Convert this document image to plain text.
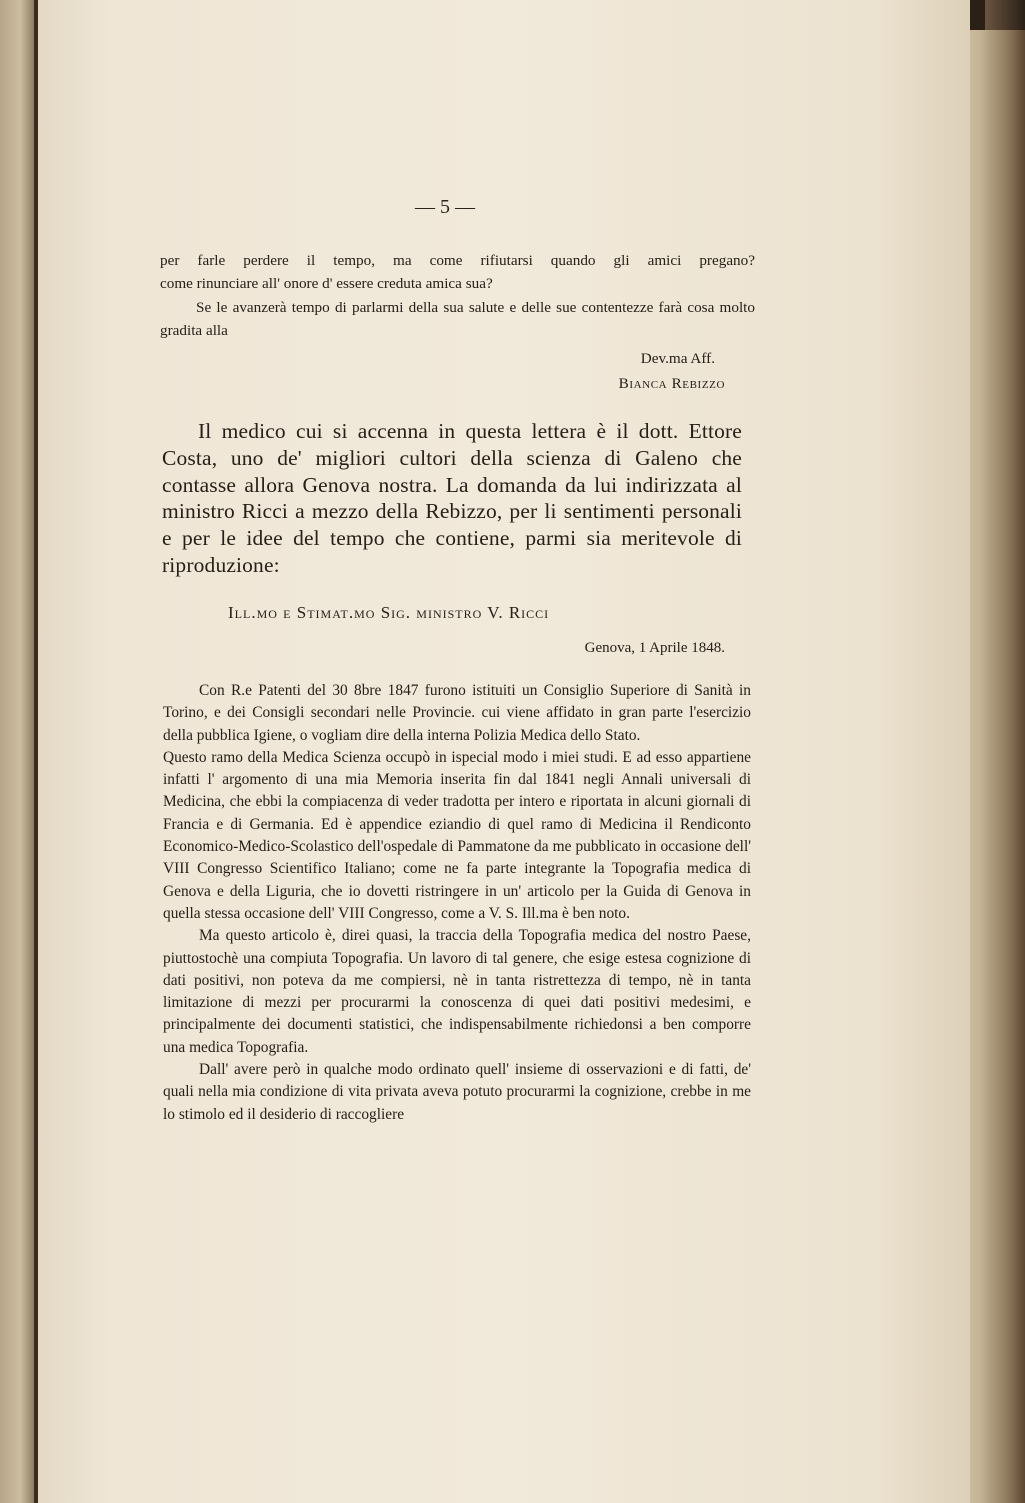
— 5 —

per farle perdere il tempo, ma come rifiutarsi quando gli amici pregano?

come rinunciare all' onore d' essere creduta amica sua?

Se le avanzerà tempo di parlarmi della sua salute e delle sue contentezze farà cosa molto gradita alla

Dev.ma Aff.

Bianca Rebizzo

Il medico cui si accenna in questa lettera è il dott. Ettore Costa, uno de' migliori cultori della scienza di Galeno che contasse allora Genova nostra. La domanda da lui indirizzata al ministro Ricci a mezzo della Rebizzo, per li sentimenti personali e per le idee del tempo che contiene, parmi sia meritevole di riproduzione:

Ill.mo e Stimat.mo Sig. ministro V. Ricci
Genova, 1 Aprile 1848.

Con R.e Patenti del 30 8bre 1847 furono istituiti un Consiglio Superiore di Sanità in Torino, e dei Consigli secondari nelle Provincie. cui viene affidato in gran parte l'esercizio della pubblica Igiene, o vogliam dire della interna Polizia Medica dello Stato.

Questo ramo della Medica Scienza occupò in ispecial modo i miei studi. E ad esso appartiene infatti l' argomento di una mia Memoria inserita fin dal 1841 negli Annali universali di Medicina, che ebbi la compiacenza di veder tradotta per intero e riportata in alcuni giornali di Francia e di Germania. Ed è appendice eziandio di quel ramo di Medicina il Rendiconto Economico-Medico-Scolastico dell'ospedale di Pammatone da me pubblicato in occasione dell' VIII Congresso Scientifico Italiano; come ne fa parte integrante la Topografia medica di Genova e della Liguria, che io dovetti ristringere in un' articolo per la Guida di Genova in quella stessa occasione dell' VIII Congresso, come a V. S. Ill.ma è ben noto.

Ma questo articolo è, direi quasi, la traccia della Topografia medica del nostro Paese, piuttostochè una compiuta Topografia. Un lavoro di tal genere, che esige estesa cognizione di dati positivi, non poteva da me compiersi, nè in tanta ristrettezza di tempo, nè in tanta limitazione di mezzi per procurarmi la conoscenza di quei dati positivi medesimi, e principalmente dei documenti statistici, che indispensabilmente richiedonsi a ben comporre una medica Topografia.

Dall' avere però in qualche modo ordinato quell' insieme di osservazioni e di fatti, de' quali nella mia condizione di vita privata aveva potuto procurarmi la cognizione, crebbe in me lo stimolo ed il desiderio di raccogliere
